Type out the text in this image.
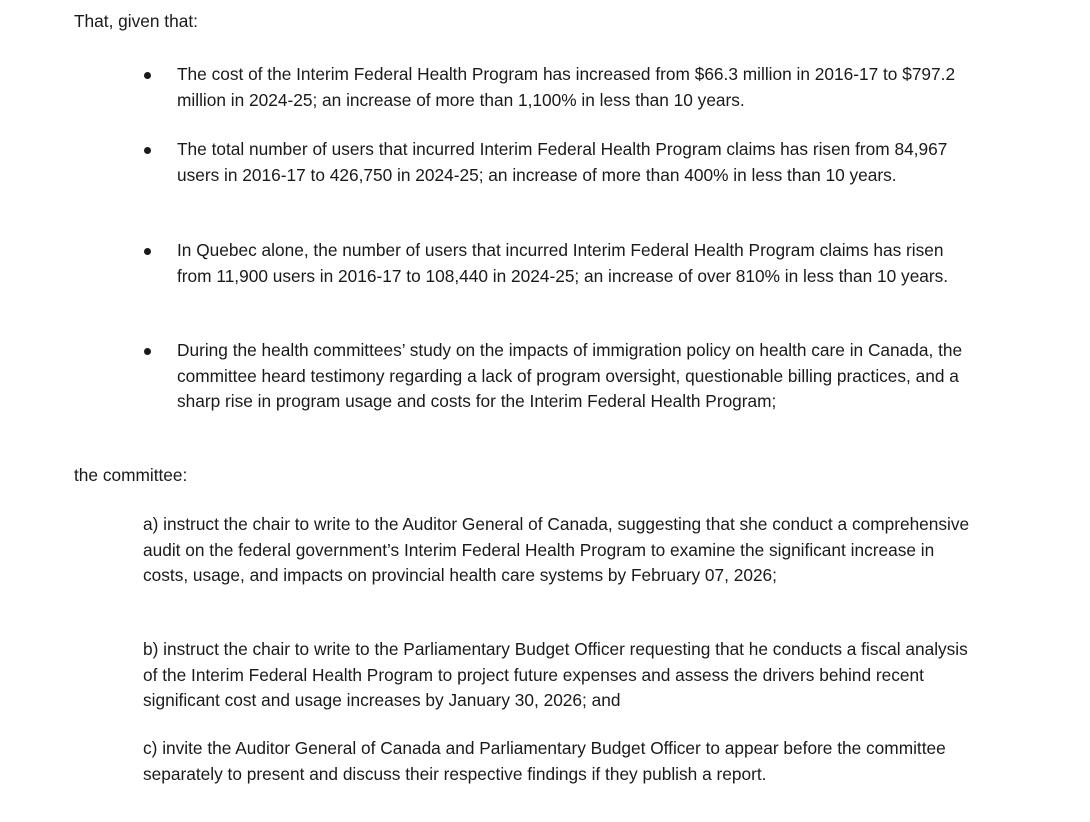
That, given that:

The cost of the Interim Federal Health Program has increased from $66.3 million in 2016-17 to $797.2 million in 2024-25; an increase of more than 1,100% in less than 10 years.
The total number of users that incurred Interim Federal Health Program claims has risen from 84,967 users in 2016-17 to 426,750 in 2024-25; an increase of more than 400% in less than 10 years.
In Quebec alone, the number of users that incurred Interim Federal Health Program claims has risen from 11,900 users in 2016-17 to 108,440 in 2024-25; an increase of over 810% in less than 10 years.
During the health committees’ study on the impacts of immigration policy on health care in Canada, the committee heard testimony regarding a lack of program oversight, questionable billing practices, and a sharp rise in program usage and costs for the Interim Federal Health Program;

the committee:

a) instruct the chair to write to the Auditor General of Canada, suggesting that she conduct a comprehensive audit on the federal government’s Interim Federal Health Program to examine the significant increase in costs, usage, and impacts on provincial health care systems by February 07, 2026;

b) instruct the chair to write to the Parliamentary Budget Officer requesting that he conducts a fiscal analysis of the Interim Federal Health Program to project future expenses and assess the drivers behind recent significant cost and usage increases by January 30, 2026; and

c) invite the Auditor General of Canada and Parliamentary Budget Officer to appear before the committee separately to present and discuss their respective findings if they publish a report.
